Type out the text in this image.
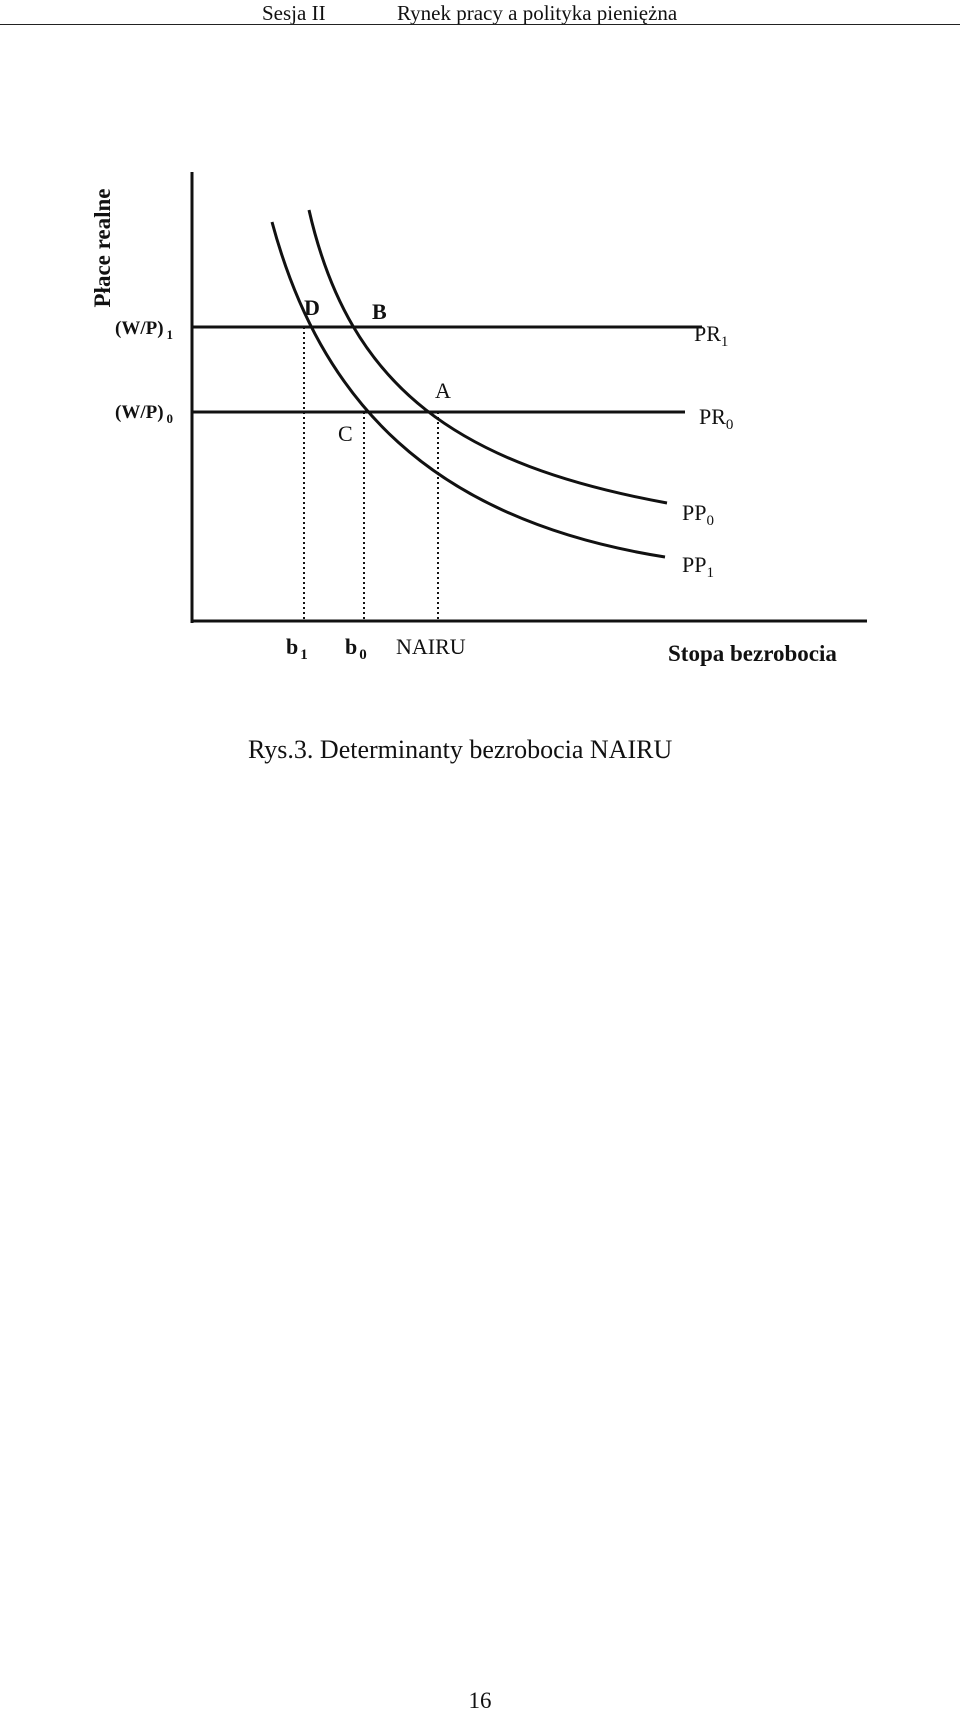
Sesja II	Rynek pracy a polityka pieniężna
Płace realne
(W/P) $_1$
(W/P) $_0$
D B
A
C
$PR_1$
$PR_0$
$PP_0$
$PP_1$
b $_1$ b $_0$ NAIRU	Stopa bezrobocia
Rys.3. Determinanty bezrobocia NAIRU
16
